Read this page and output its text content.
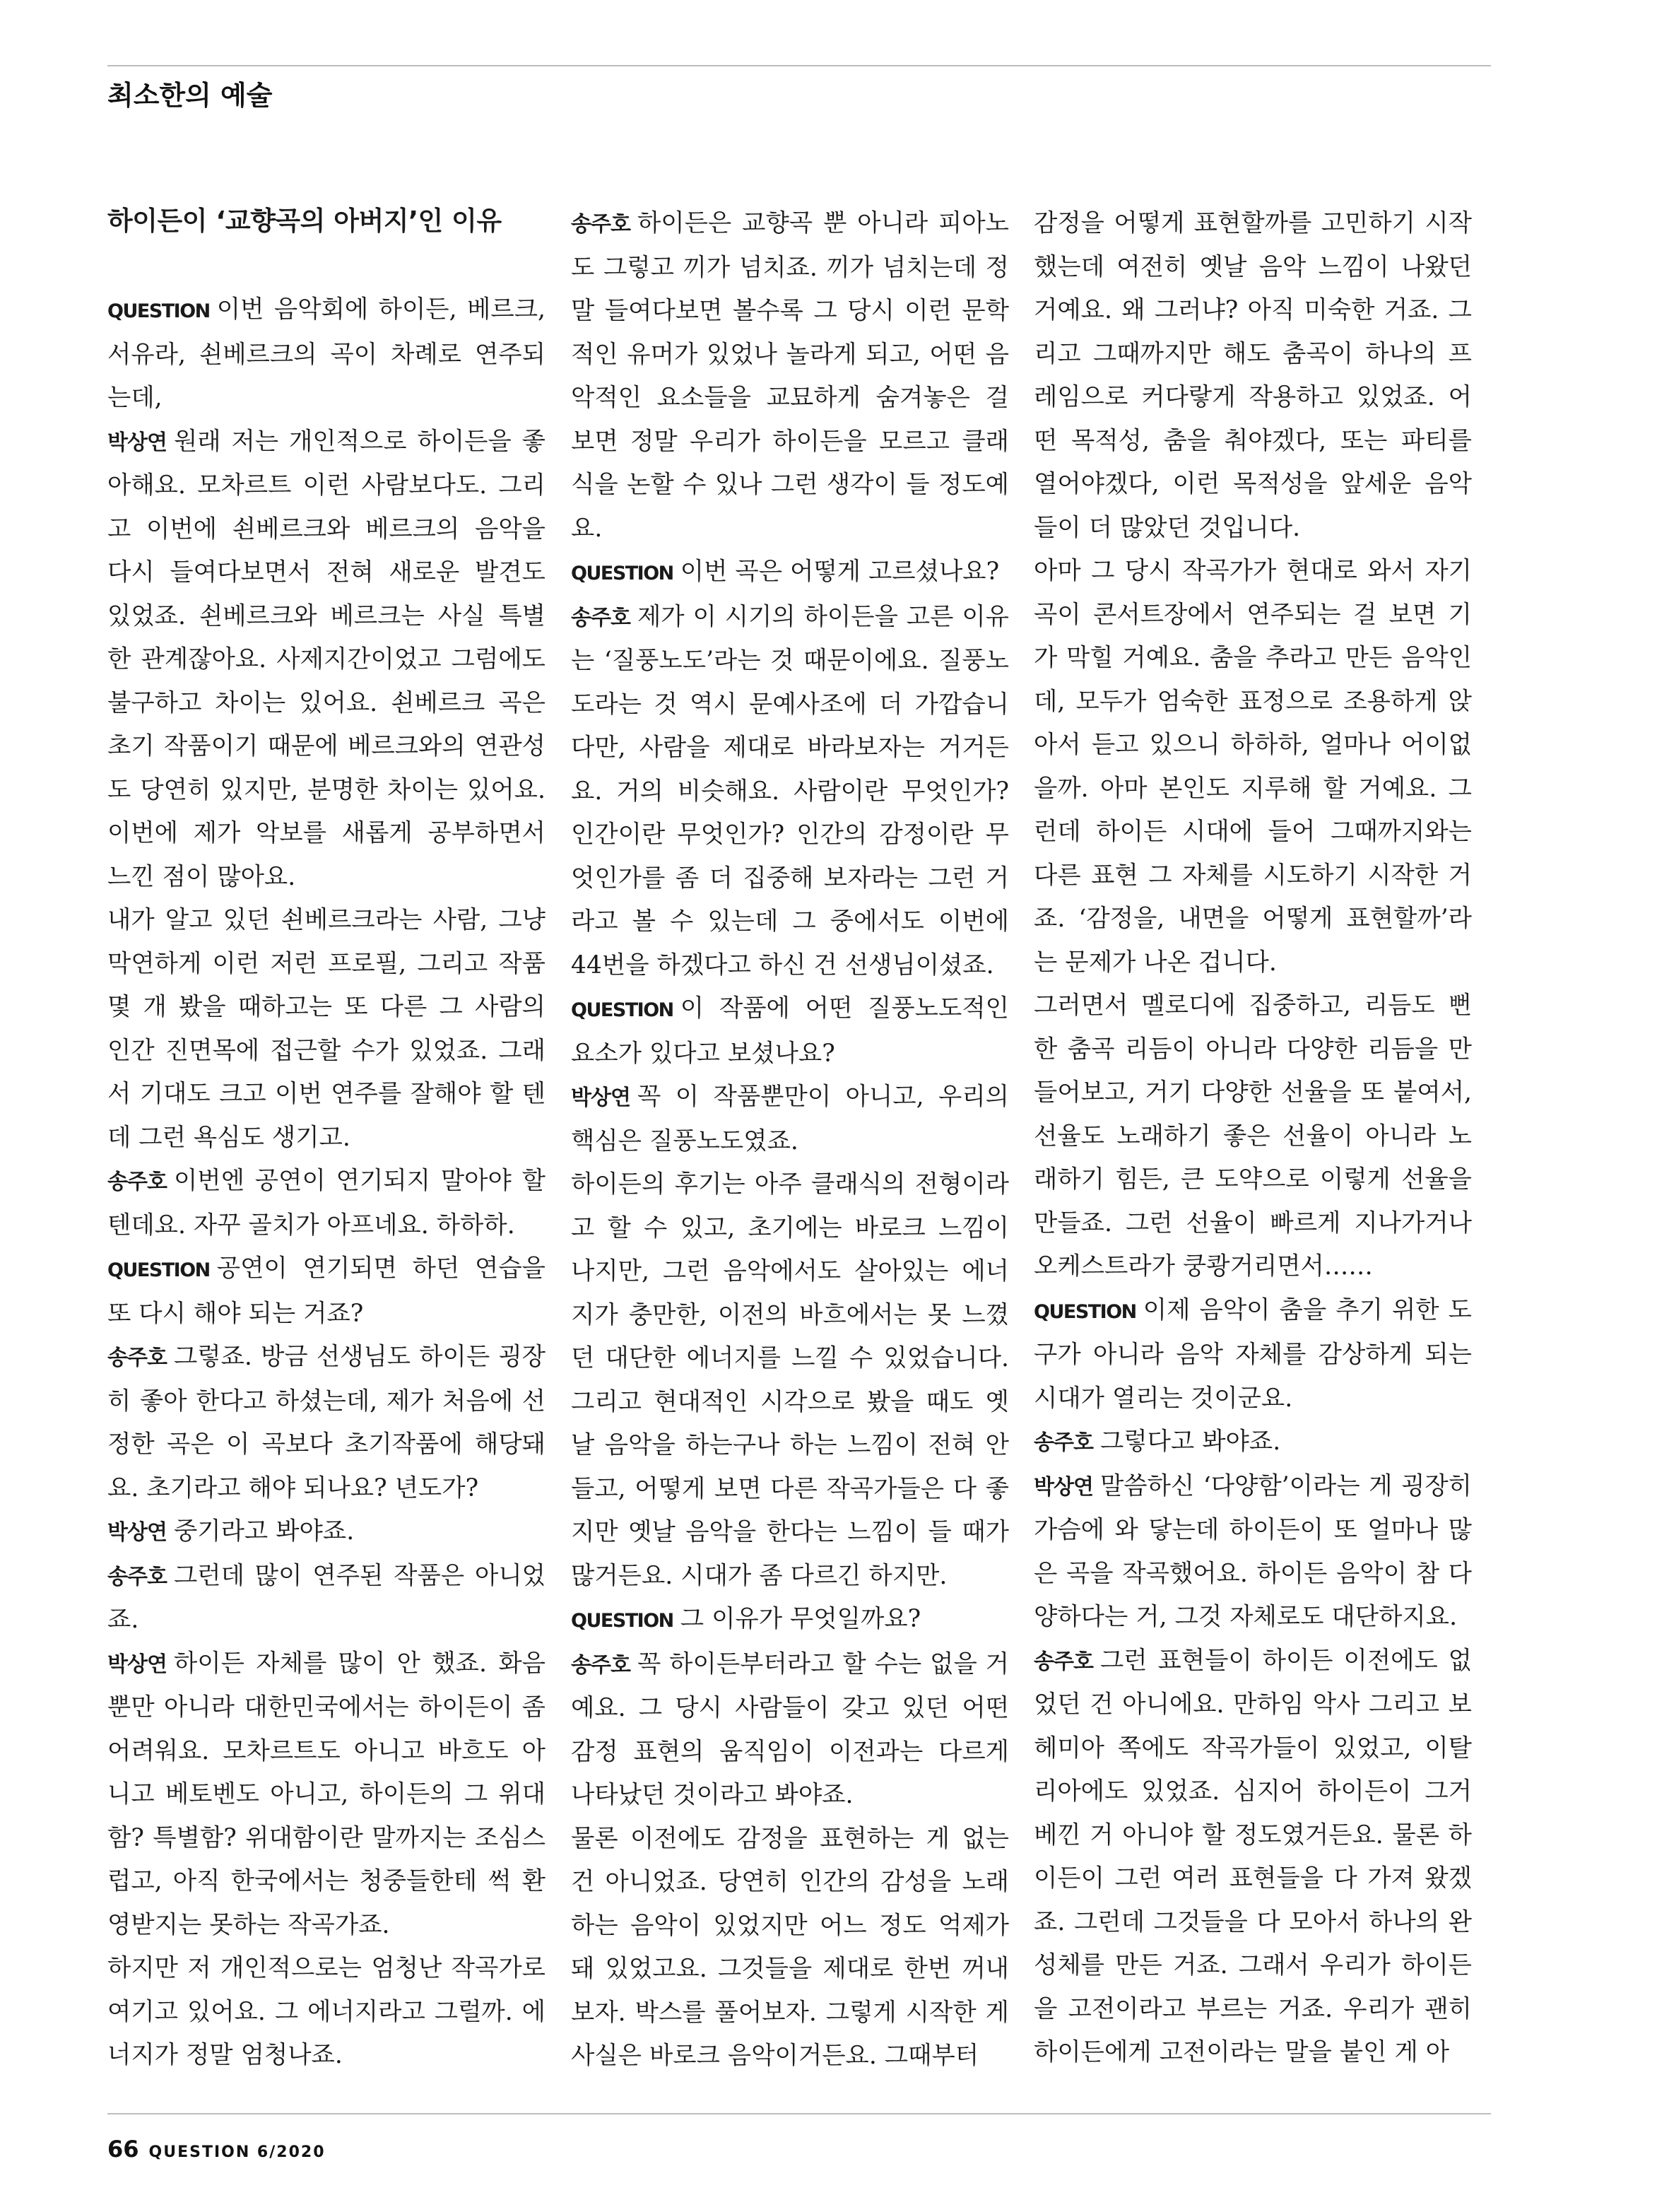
최소한의 예술

하이든이 ‘교향곡의 아버지’인 이유

QUESTION 이번 음악회에 하이든, 베르크, 서유라, 쇤베르크의 곡이 차례로 연주되는데,

박상연 원래 저는 개인적으로 하이든을 좋아해요. 모차르트 이런 사람보다도. 그리고 이번에 쇤베르크와 베르크의 음악을 다시 들여다보면서 전혀 새로운 발견도 있었죠. 쇤베르크와 베르크는 사실 특별한 관계잖아요. 사제지간이었고 그럼에도 불구하고 차이는 있어요. 쇤베르크 곡은 초기 작품이기 때문에 베르크와의 연관성도 당연히 있지만, 분명한 차이는 있어요. 이번에 제가 악보를 새롭게 공부하면서 느낀 점이 많아요.

내가 알고 있던 쇤베르크라는 사람, 그냥 막연하게 이런 저런 프로필, 그리고 작품 몇 개 봤을 때하고는 또 다른 그 사람의 인간 진면목에 접근할 수가 있었죠. 그래서 기대도 크고 이번 연주를 잘해야 할 텐데 그런 욕심도 생기고.

송주호 이번엔 공연이 연기되지 말아야 할 텐데요. 자꾸 골치가 아프네요. 하하하.

QUESTION 공연이 연기되면 하던 연습을 또 다시 해야 되는 거죠?

송주호 그렇죠. 방금 선생님도 하이든 굉장히 좋아 한다고 하셨는데, 제가 처음에 선정한 곡은 이 곡보다 초기작품에 해당돼요. 초기라고 해야 되나요? 년도가?

박상연 중기라고 봐야죠.

송주호 그런데 많이 연주된 작품은 아니었죠.

박상연 하이든 자체를 많이 안 했죠. 화음뿐만 아니라 대한민국에서는 하이든이 좀 어려워요. 모차르트도 아니고 바흐도 아니고 베토벤도 아니고, 하이든의 그 위대함? 특별함? 위대함이란 말까지는 조심스럽고, 아직 한국에서는 청중들한테 썩 환영받지는 못하는 작곡가죠.

하지만 저 개인적으로는 엄청난 작곡가로 여기고 있어요. 그 에너지라고 그럴까. 에너지가 정말 엄청나죠.

송주호 하이든은 교향곡 뿐 아니라 피아노도 그렇고 끼가 넘치죠. 끼가 넘치는데 정말 들여다보면 볼수록 그 당시 이런 문학적인 유머가 있었나 놀라게 되고, 어떤 음악적인 요소들을 교묘하게 숨겨놓은 걸 보면 정말 우리가 하이든을 모르고 클래식을 논할 수 있나 그런 생각이 들 정도예요.

QUESTION 이번 곡은 어떻게 고르셨나요?

송주호 제가 이 시기의 하이든을 고른 이유는 ‘질풍노도’라는 것 때문이에요. 질풍노도라는 것 역시 문예사조에 더 가깝습니다만, 사람을 제대로 바라보자는 거거든요. 거의 비슷해요. 사람이란 무엇인가? 인간이란 무엇인가? 인간의 감정이란 무엇인가를 좀 더 집중해 보자라는 그런 거라고 볼 수 있는데 그 중에서도 이번에 44번을 하겠다고 하신 건 선생님이셨죠.

QUESTION 이 작품에 어떤 질풍노도적인 요소가 있다고 보셨나요?

박상연 꼭 이 작품뿐만이 아니고, 우리의 핵심은 질풍노도였죠.

하이든의 후기는 아주 클래식의 전형이라고 할 수 있고, 초기에는 바로크 느낌이 나지만, 그런 음악에서도 살아있는 에너지가 충만한, 이전의 바흐에서는 못 느꼈던 대단한 에너지를 느낄 수 있었습니다. 그리고 현대적인 시각으로 봤을 때도 옛날 음악을 하는구나 하는 느낌이 전혀 안 들고, 어떻게 보면 다른 작곡가들은 다 좋지만 옛날 음악을 한다는 느낌이 들 때가 많거든요. 시대가 좀 다르긴 하지만.

QUESTION 그 이유가 무엇일까요?

송주호 꼭 하이든부터라고 할 수는 없을 거예요. 그 당시 사람들이 갖고 있던 어떤 감정 표현의 움직임이 이전과는 다르게 나타났던 것이라고 봐야죠.

물론 이전에도 감정을 표현하는 게 없는 건 아니었죠. 당연히 인간의 감성을 노래하는 음악이 있었지만 어느 정도 억제가 돼 있었고요. 그것들을 제대로 한번 꺼내 보자. 박스를 풀어보자. 그렇게 시작한 게 사실은 바로크 음악이거든요. 그때부터

감정을 어떻게 표현할까를 고민하기 시작했는데 여전히 옛날 음악 느낌이 나왔던 거예요. 왜 그러냐? 아직 미숙한 거죠. 그리고 그때까지만 해도 춤곡이 하나의 프레임으로 커다랗게 작용하고 있었죠. 어떤 목적성, 춤을 춰야겠다, 또는 파티를 열어야겠다, 이런 목적성을 앞세운 음악들이 더 많았던 것입니다.

아마 그 당시 작곡가가 현대로 와서 자기 곡이 콘서트장에서 연주되는 걸 보면 기가 막힐 거예요. 춤을 추라고 만든 음악인데, 모두가 엄숙한 표정으로 조용하게 앉아서 듣고 있으니 하하하, 얼마나 어이없을까. 아마 본인도 지루해 할 거예요. 그런데 하이든 시대에 들어 그때까지와는 다른 표현 그 자체를 시도하기 시작한 거죠. ‘감정을, 내면을 어떻게 표현할까’라는 문제가 나온 겁니다.

그러면서 멜로디에 집중하고, 리듬도 뻔한 춤곡 리듬이 아니라 다양한 리듬을 만들어보고, 거기 다양한 선율을 또 붙여서, 선율도 노래하기 좋은 선율이 아니라 노래하기 힘든, 큰 도약으로 이렇게 선율을 만들죠. 그런 선율이 빠르게 지나가거나 오케스트라가 쿵쾅거리면서……

QUESTION 이제 음악이 춤을 추기 위한 도구가 아니라 음악 자체를 감상하게 되는 시대가 열리는 것이군요.

송주호 그렇다고 봐야죠.

박상연 말씀하신 ‘다양함’이라는 게 굉장히 가슴에 와 닿는데 하이든이 또 얼마나 많은 곡을 작곡했어요. 하이든 음악이 참 다양하다는 거, 그것 자체로도 대단하지요.

송주호 그런 표현들이 하이든 이전에도 없었던 건 아니에요. 만하임 악사 그리고 보헤미아 쪽에도 작곡가들이 있었고, 이탈리아에도 있었죠. 심지어 하이든이 그거 베낀 거 아니야 할 정도였거든요. 물론 하이든이 그런 여러 표현들을 다 가져 왔겠죠. 그런데 그것들을 다 모아서 하나의 완성체를 만든 거죠. 그래서 우리가 하이든을 고전이라고 부르는 거죠. 우리가 괜히 하이든에게 고전이라는 말을 붙인 게 아

66 QUESTION 6/2020
